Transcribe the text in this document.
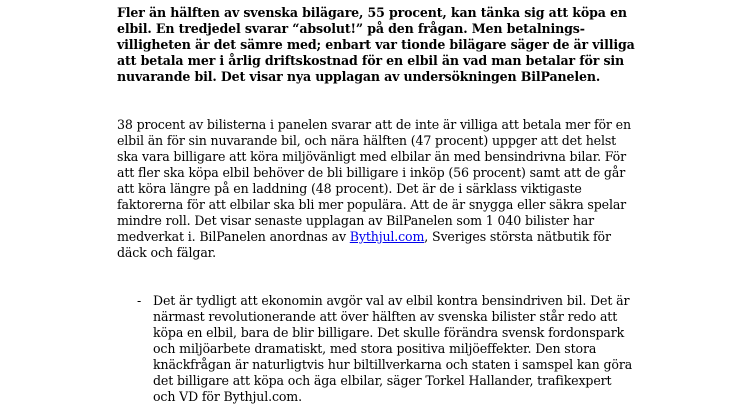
Fler än hälften av svenska bilägare, 55 procent, kan tänka sig att köpa en elbil. En tredjedel svarar “absolut!” på den frågan. Men betalnings-villigheten är det sämre med; enbart var tionde bilägare säger de är villiga att betala mer i årlig driftskostnad för en elbil än vad man betalar för sin nuvarande bil. Det visar nya upplagan av undersökningen BilPanelen.

38 procent av bilisterna i panelen svarar att de inte är villiga att betala mer för en elbil än för sin nuvarande bil, och nära hälften (47 procent) uppger att det helst ska vara billigare att köra miljövänligt med elbilar än med bensindrivna bilar. För att fler ska köpa elbil behöver de bli billigare i inköp (56 procent) samt att de går att köra längre på en laddning (48 procent). Det är de i särklass viktigaste faktorerna för att elbilar ska bli mer populära. Att de är snygga eller säkra spelar mindre roll. Det visar senaste upplagan av BilPanelen som 1 040 bilister har medverkat i. BilPanelen anordnas av Bythjul.com, Sveriges största nätbutik för däck och fälgar.

- Det är tydligt att ekonomin avgör val av elbil kontra bensindriven bil. Det är närmast revolutionerande att över hälften av svenska bilister står redo att köpa en elbil, bara de blir billigare. Det skulle förändra svensk fordonspark och miljöarbete dramatiskt, med stora positiva miljöeffekter. Den stora knäckfrågan är naturligtvis hur biltillverkarna och staten i samspel kan göra det billigare att köpa och äga elbilar, säger Torkel Hallander, trafikexpert och VD för Bythjul.com.
